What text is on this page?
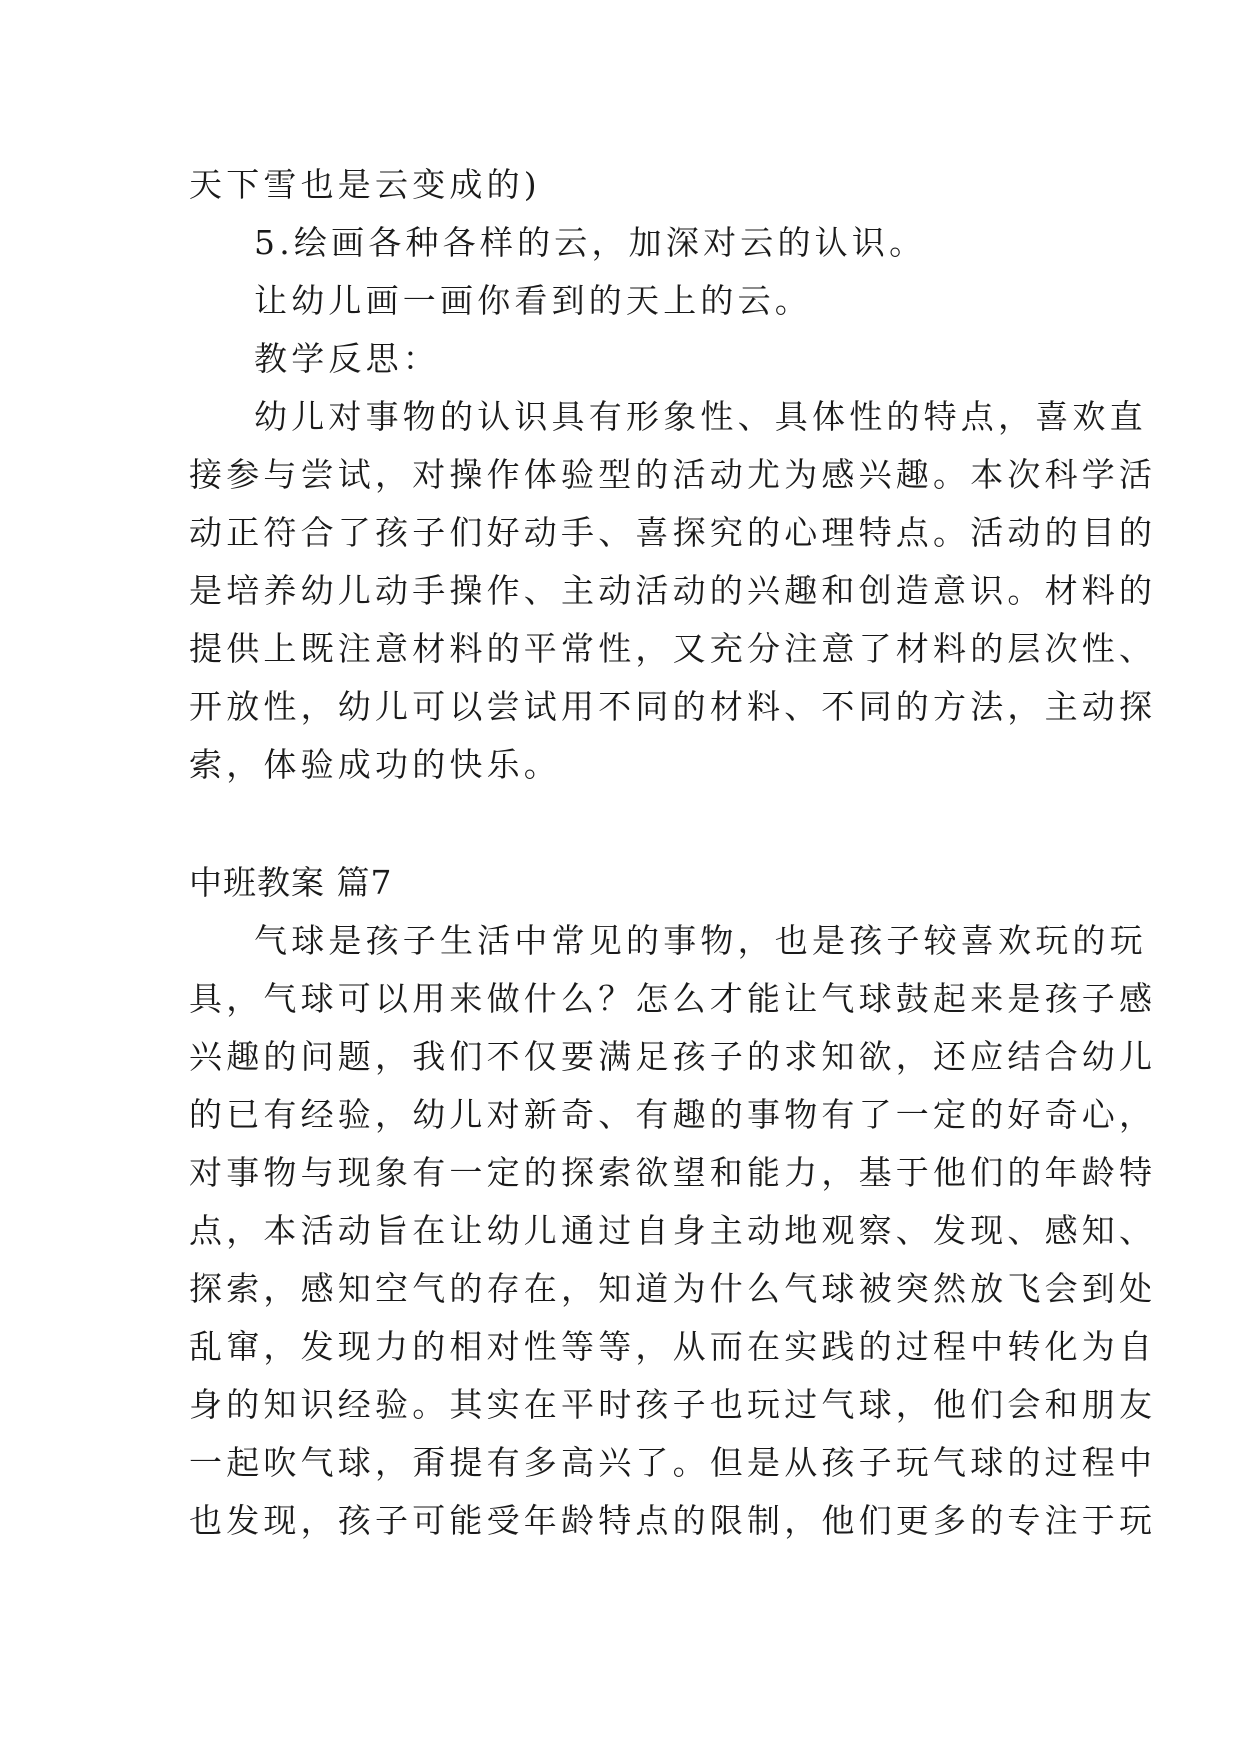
天下雪也是云变成的)
5.绘画各种各样的云，加深对云的认识。
让幼儿画一画你看到的天上的云。
教学反思：
幼儿对事物的认识具有形象性、具体性的特点，喜欢直
接参与尝试，对操作体验型的活动尤为感兴趣。本次科学活
动正符合了孩子们好动手、喜探究的心理特点。活动的目的
是培养幼儿动手操作、主动活动的兴趣和创造意识。材料的
提供上既注意材料的平常性，又充分注意了材料的层次性、
开放性，幼儿可以尝试用不同的材料、不同的方法，主动探
索，体验成功的快乐。
中班教案 篇7
气球是孩子生活中常见的事物，也是孩子较喜欢玩的玩
具，气球可以用来做什么？怎么才能让气球鼓起来是孩子感
兴趣的问题，我们不仅要满足孩子的求知欲，还应结合幼儿
的已有经验，幼儿对新奇、有趣的事物有了一定的好奇心，
对事物与现象有一定的探索欲望和能力，基于他们的年龄特
点，本活动旨在让幼儿通过自身主动地观察、发现、感知、
探索，感知空气的存在，知道为什么气球被突然放飞会到处
乱窜，发现力的相对性等等，从而在实践的过程中转化为自
身的知识经验。其实在平时孩子也玩过气球，他们会和朋友
一起吹气球，甭提有多高兴了。但是从孩子玩气球的过程中
也发现，孩子可能受年龄特点的限制，他们更多的专注于玩
